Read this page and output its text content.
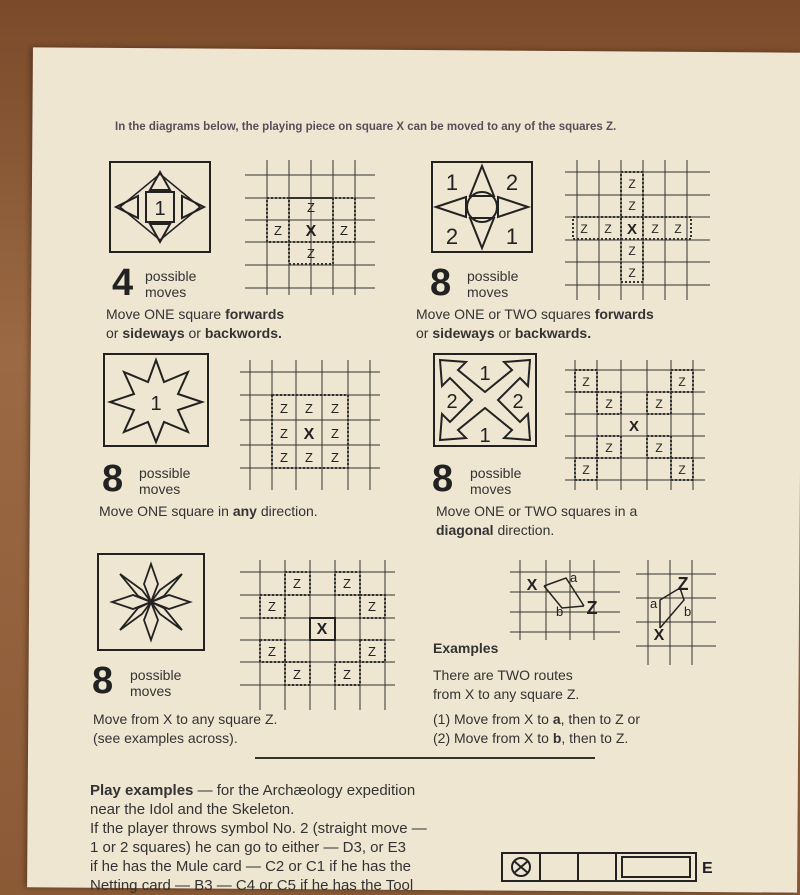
In the diagrams below, the playing piece on square X can be moved to any of the squares Z.
1	Z
Z X Z
Z
4 possible
moves
Move ONE square forwards
or sideways or backwords.
1 2
2 1
Z
Z
Z Z X Z Z
Z
Z
8 possible
moves
Move ONE or TWO squares forwards
or sideways or backwards.
1	Z Z Z
Z X Z
Z Z Z
8 possible
moves
Move ONE square in any direction.
1
2	2
1
Z	Z
Z	Z
X
Z	Z
Z	Z
8 possible
moves
Move ONE or TWO squares in a
diagonal direction.
Z	Z
Z	Z
X
Z	Z
Z	Z
8 possible
moves
Move from X to any square Z.
(see examples across).
X	a
b Z
Z
a
b
X
Examples
There are TWO routes
from X to any square Z.
(1) Move from X to a, then to Z or
(2) Move from X to b, then to Z.
Play examples — for the Archæology expedition
near the Idol and the Skeleton.
If the player throws symbol No. 2 (straight move —
1 or 2 squares) he can go to either — D3, or E3
if he has the Mule card — C2 or C1 if he has the
Netting card — B3 — C4 or C5 if he has the Tool
E
